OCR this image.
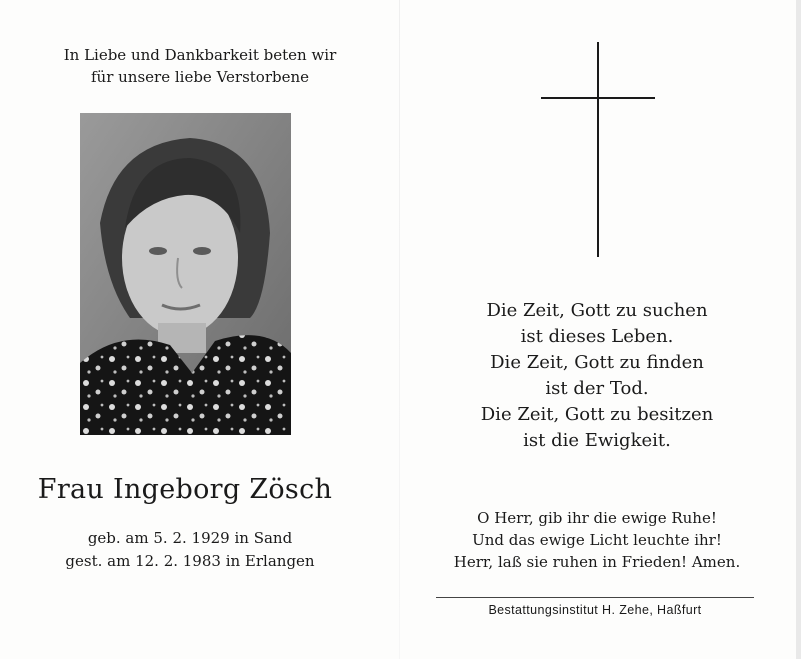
In Liebe und Dankbarkeit beten wir
für unsere liebe Verstorbene
Frau Ingeborg Zösch
geb. am 5. 2. 1929 in Sand
gest. am 12. 2. 1983 in Erlangen
Die Zeit, Gott zu suchen
ist dieses Leben.
Die Zeit, Gott zu finden
ist der Tod.
Die Zeit, Gott zu besitzen
ist die Ewigkeit.
O Herr, gib ihr die ewige Ruhe!
Und das ewige Licht leuchte ihr!
Herr, laß sie ruhen in Frieden! Amen.
Bestattungsinstitut H. Zehe, Haßfurt
